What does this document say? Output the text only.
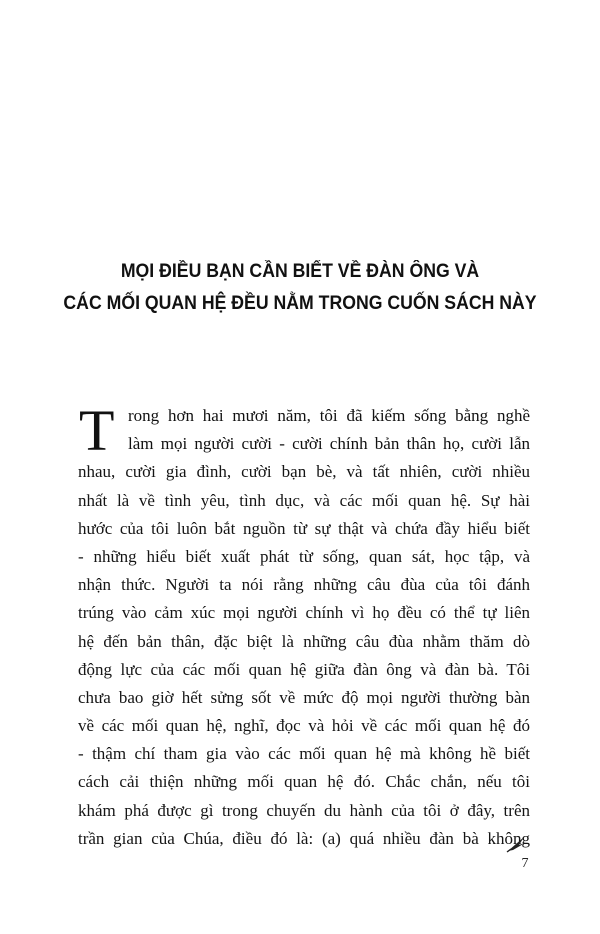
MỌI ĐIỀU BẠN CẦN BIẾT VỀ ĐÀN ÔNG VÀ
CÁC MỐI QUAN HỆ ĐỀU NẰM TRONG CUỐN SÁCH NÀY
T rong hơn hai mươi năm, tôi đã kiếm sống bằng nghề
làm mọi người cười - cười chính bản thân họ, cười lẫn
nhau, cười gia đình, cười bạn bè, và tất nhiên, cười nhiều
nhất là về tình yêu, tình dục, và các mối quan hệ. Sự hài
hước của tôi luôn bắt nguồn từ sự thật và chứa đầy hiểu biết
- những hiểu biết xuất phát từ sống, quan sát, học tập, và
nhận thức. Người ta nói rằng những câu đùa của tôi đánh
trúng vào cảm xúc mọi người chính vì họ đều có thể tự liên
hệ đến bản thân, đặc biệt là những câu đùa nhằm thăm dò
động lực của các mối quan hệ giữa đàn ông và đàn bà. Tôi
chưa bao giờ hết sửng sốt về mức độ mọi người thường bàn
về các mối quan hệ, nghĩ, đọc và hỏi về các mối quan hệ đó
- thậm chí tham gia vào các mối quan hệ mà không hề biết
cách cải thiện những mối quan hệ đó. Chắc chắn, nếu tôi
khám phá được gì trong chuyến du hành của tôi ở đây, trên
trần gian của Chúa, điều đó là: (a) quá nhiều đàn bà không
7
